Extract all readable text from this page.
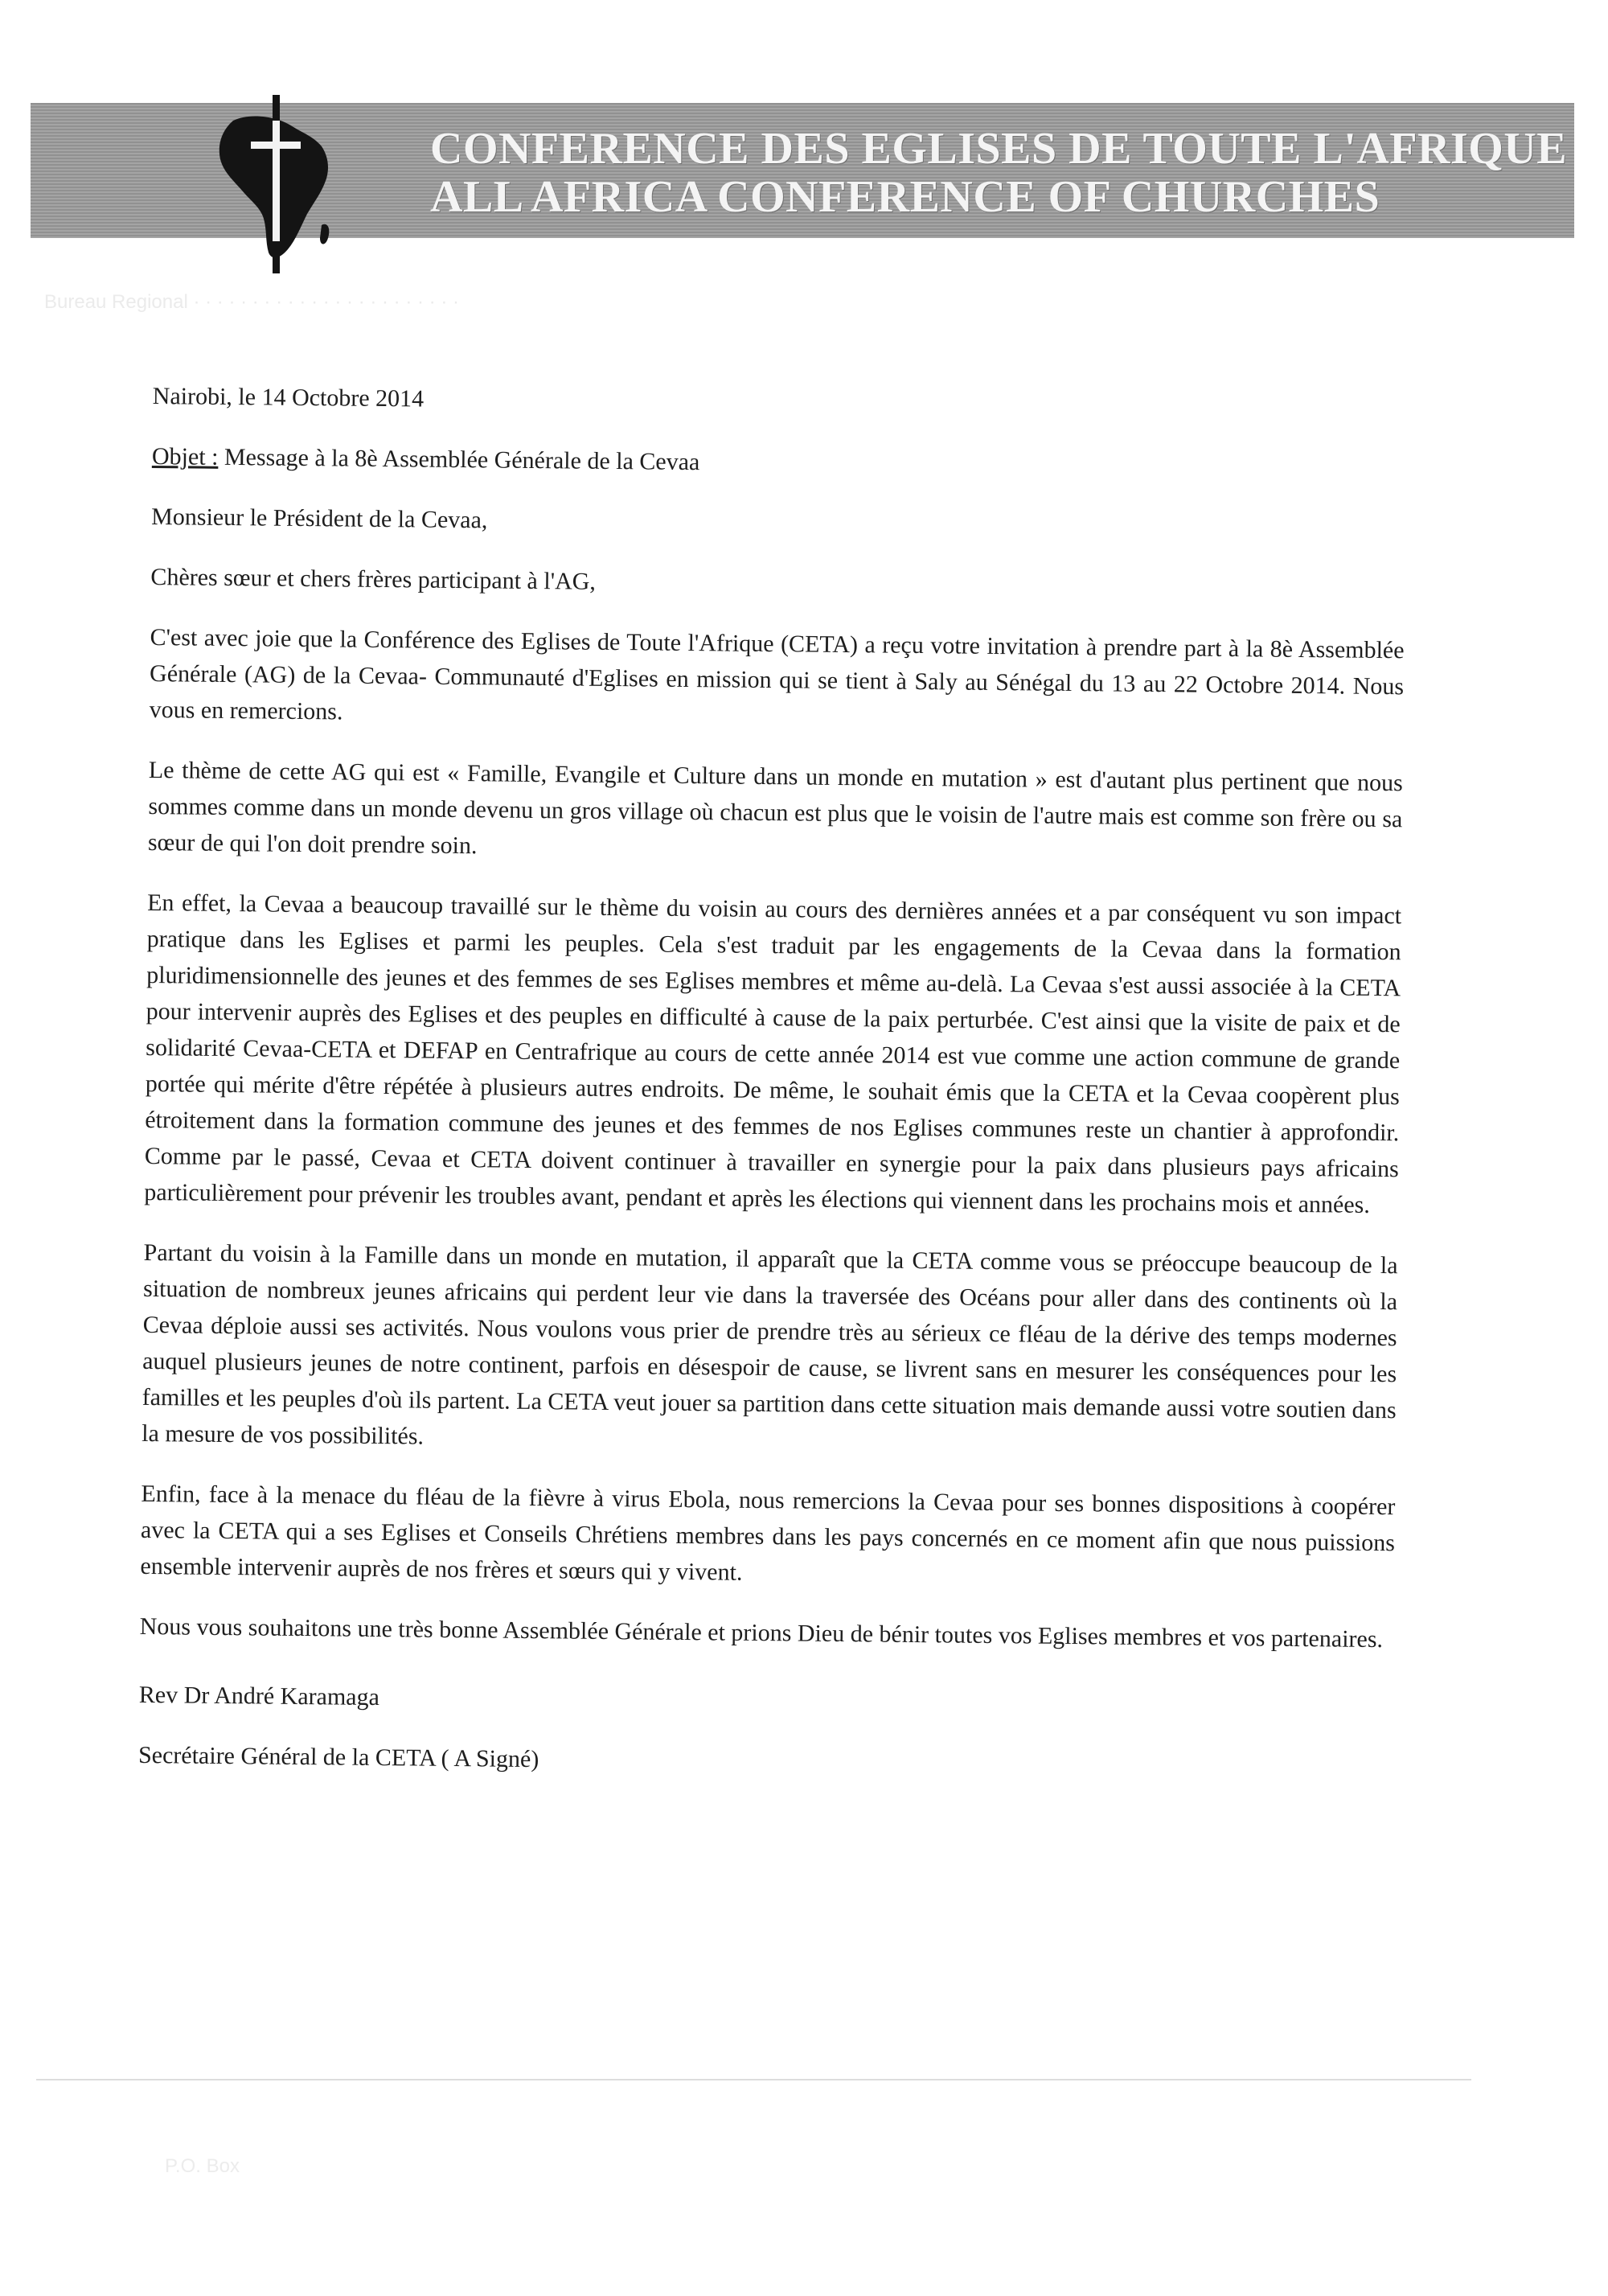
CONFERENCE DES EGLISES DE TOUTE L'AFRIQUE
ALL AFRICA CONFERENCE OF CHURCHES
Bureau Regional · · · · · · · · · · · · · · · · · · · · · · ·

Nairobi, le 14 Octobre 2014

Objet : Message à la 8è Assemblée Générale de la Cevaa

Monsieur le Président de la Cevaa,

Chères sœur et chers frères participant à l'AG,

C'est avec joie que la Conférence des Eglises de Toute l'Afrique (CETA) a reçu votre invitation à prendre part à la 8è Assemblée Générale (AG) de la Cevaa- Communauté d'Eglises en mission qui se tient à Saly au Sénégal du 13 au 22 Octobre 2014. Nous vous en remercions.

Le thème de cette AG qui est « Famille, Evangile et Culture dans un monde en mutation » est d'autant plus pertinent que nous sommes comme dans un monde devenu un gros village où chacun est plus que le voisin de l'autre mais est comme son frère ou sa sœur de qui l'on doit prendre soin.

En effet, la Cevaa a beaucoup travaillé sur le thème du voisin au cours des dernières années et a par conséquent vu son impact pratique dans les Eglises et parmi les peuples. Cela s'est traduit par les engagements de la Cevaa dans la formation pluridimensionnelle des jeunes et des femmes de ses Eglises membres et même au-delà. La Cevaa s'est aussi associée à la CETA pour intervenir auprès des Eglises et des peuples en difficulté à cause de la paix perturbée. C'est ainsi que la visite de paix et de solidarité Cevaa-CETA et DEFAP en Centrafrique au cours de cette année 2014 est vue comme une action commune de grande portée qui mérite d'être répétée à plusieurs autres endroits. De même, le souhait émis que la CETA et la Cevaa coopèrent plus étroitement dans la formation commune des jeunes et des femmes de nos Eglises communes reste un chantier à approfondir. Comme par le passé, Cevaa et CETA doivent continuer à travailler en synergie pour la paix dans plusieurs pays africains particulièrement pour prévenir les troubles avant, pendant et après les élections qui viennent dans les prochains mois et années.

Partant du voisin à la Famille dans un monde en mutation, il apparaît que la CETA comme vous se préoccupe beaucoup de la situation de nombreux jeunes africains qui perdent leur vie dans la traversée des Océans pour aller dans des continents où la Cevaa déploie aussi ses activités. Nous voulons vous prier de prendre très au sérieux ce fléau de la dérive des temps modernes auquel plusieurs jeunes de notre continent, parfois en désespoir de cause, se livrent sans en mesurer les conséquences pour les familles et les peuples d'où ils partent. La CETA veut jouer sa partition dans cette situation mais demande aussi votre soutien dans la mesure de vos possibilités.

Enfin, face à la menace du fléau de la fièvre à virus Ebola, nous remercions la Cevaa pour ses bonnes dispositions à coopérer avec la CETA qui a ses Eglises et Conseils Chrétiens membres dans les pays concernés en ce moment afin que nous puissions ensemble intervenir auprès de nos frères et sœurs qui y vivent.

Nous vous souhaitons une très bonne Assemblée Générale et prions Dieu de bénir toutes vos Eglises membres et vos partenaires.

Rev Dr André Karamaga

Secrétaire Général de la CETA ( A Signé)

P.O. Box
